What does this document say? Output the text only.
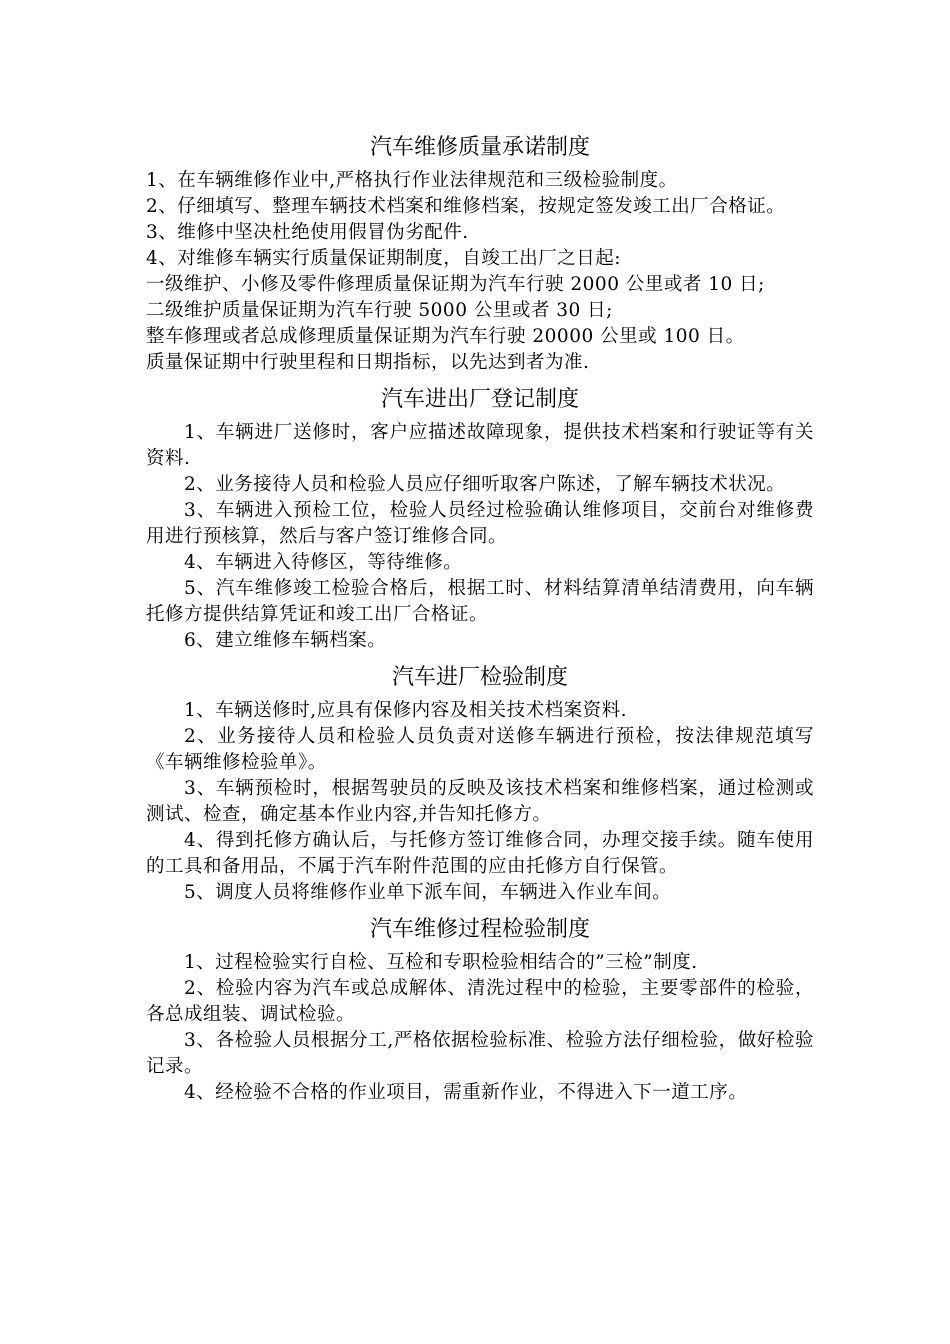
汽车维修质量承诺制度

1、在车辆维修作业中,严格执行作业法律规范和三级检验制度。

2、仔细填写、整理车辆技术档案和维修档案，按规定签发竣工出厂合格证。

3、维修中坚决杜绝使用假冒伪劣配件.

4、对维修车辆实行质量保证期制度，自竣工出厂之日起:

一级维护、小修及零件修理质量保证期为汽车行驶 2000 公里或者 10 日;

二级维护质量保证期为汽车行驶 5000 公里或者 30 日;

整车修理或者总成修理质量保证期为汽车行驶 20000 公里或 100 日。

质量保证期中行驶里程和日期指标，以先达到者为准.

汽车进出厂登记制度

1、车辆进厂送修时，客户应描述故障现象，提供技术档案和行驶证等有关资料.

2、业务接待人员和检验人员应仔细听取客户陈述，了解车辆技术状况。

3、车辆进入预检工位，检验人员经过检验确认维修项目，交前台对维修费用进行预核算，然后与客户签订维修合同。

4、车辆进入待修区，等待维修。

5、汽车维修竣工检验合格后，根据工时、材料结算清单结清费用，向车辆托修方提供结算凭证和竣工出厂合格证。

6、建立维修车辆档案。

汽车进厂检验制度

1、车辆送修时,应具有保修内容及相关技术档案资料.

2、业务接待人员和检验人员负责对送修车辆进行预检，按法律规范填写《车辆维修检验单》。

3、车辆预检时，根据驾驶员的反映及该技术档案和维修档案，通过检测或测试、检查，确定基本作业内容,并告知托修方。

4、得到托修方确认后，与托修方签订维修合同，办理交接手续。随车使用的工具和备用品，不属于汽车附件范围的应由托修方自行保管。

5、调度人员将维修作业单下派车间，车辆进入作业车间。

汽车维修过程检验制度

1、过程检验实行自检、互检和专职检验相结合的”三检”制度.

2、检验内容为汽车或总成解体、清洗过程中的检验，主要零部件的检验，各总成组装、调试检验。

3、各检验人员根据分工,严格依据检验标准、检验方法仔细检验，做好检验记录。

4、经检验不合格的作业项目，需重新作业，不得进入下一道工序。
